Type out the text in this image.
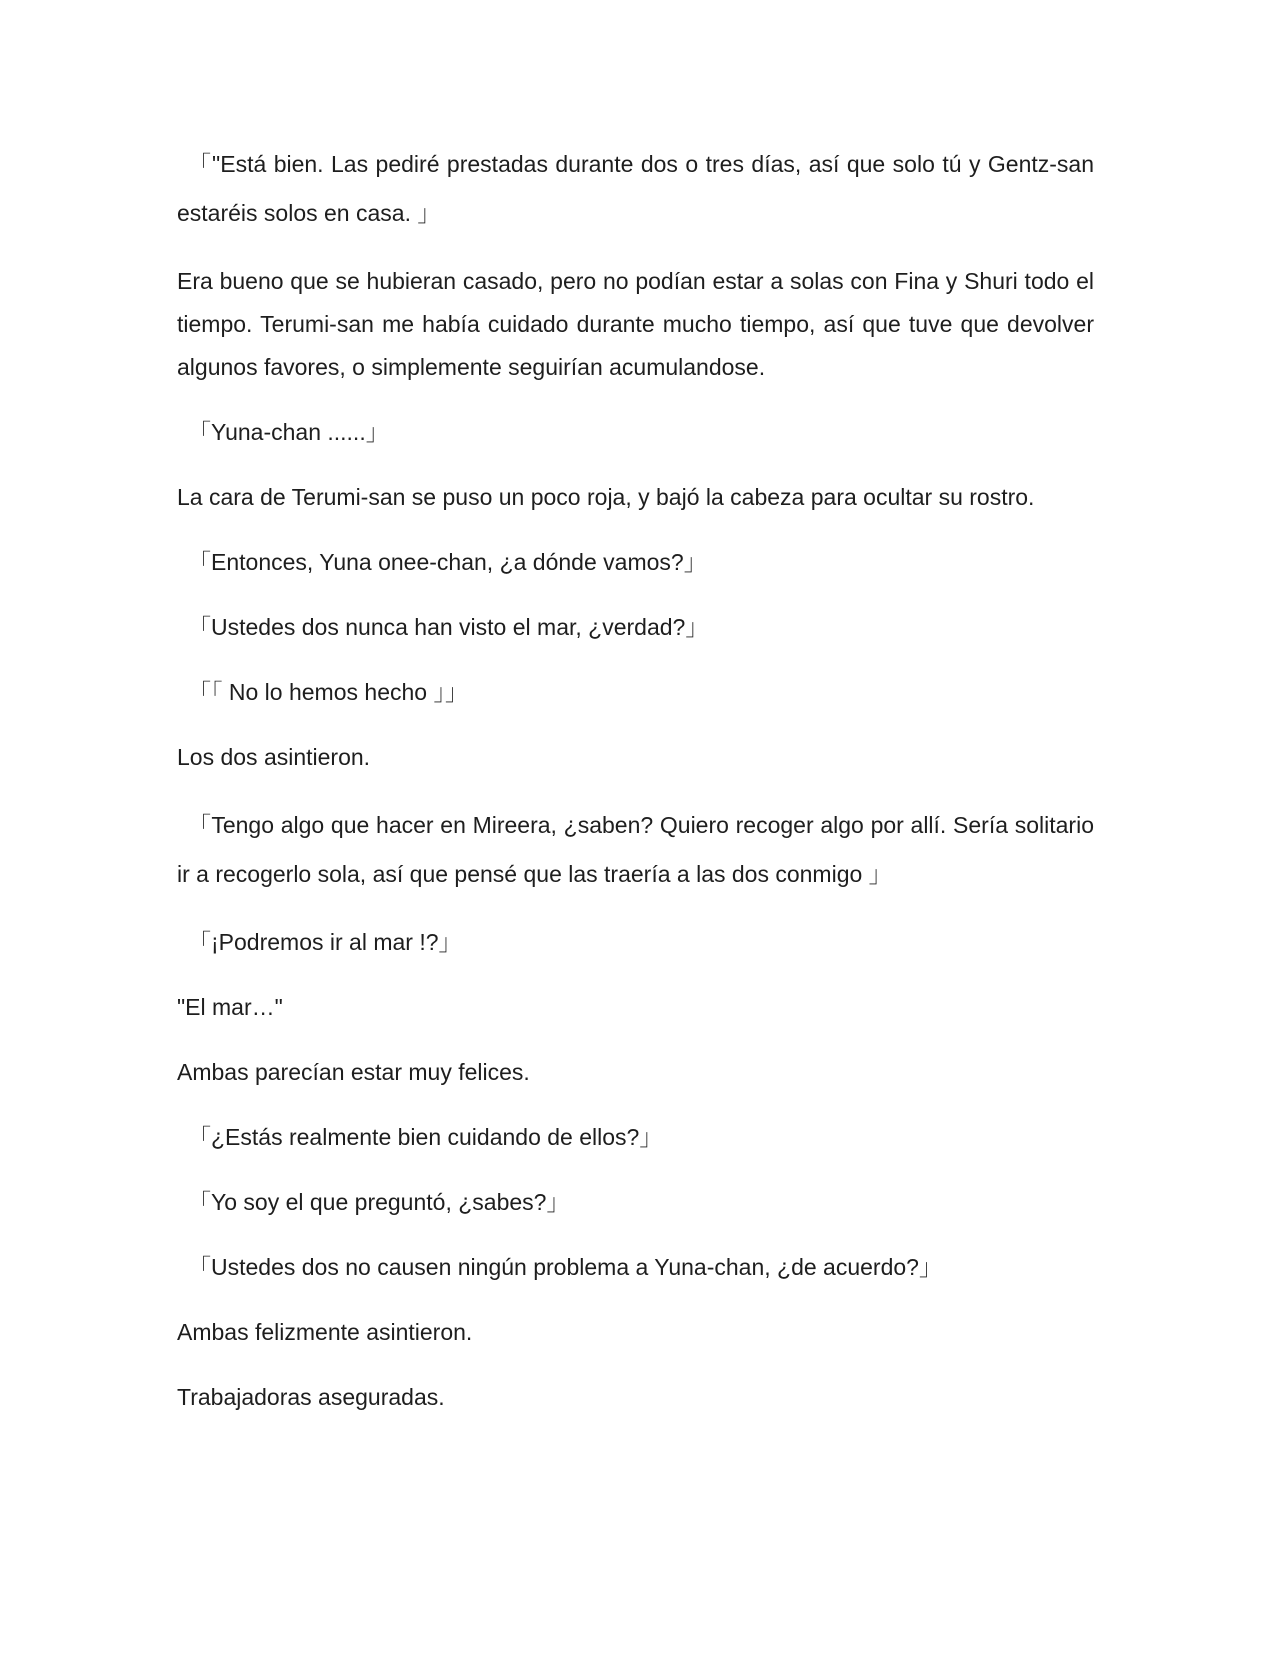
「"Está bien. Las pediré prestadas durante dos o tres días, así que solo tú y Gentz-san estaréis solos en casa. 」

Era bueno que se hubieran casado, pero no podían estar a solas con Fina y Shuri todo el tiempo. Terumi-san me había cuidado durante mucho tiempo, así que tuve que devolver algunos favores, o simplemente seguirían acumulandose.

「Yuna-chan ......」

La cara de Terumi-san se puso un poco roja, y bajó la cabeza para ocultar su rostro.

「Entonces, Yuna onee-chan, ¿a dónde vamos?」

「Ustedes dos nunca han visto el mar, ¿verdad?」

「「 No lo hemos hecho 」」

Los dos asintieron.

「Tengo algo que hacer en Mireera, ¿saben? Quiero recoger algo por allí. Sería solitario ir a recogerlo sola, así que pensé que las traería a las dos conmigo 」

「¡Podremos ir al mar !?」

"El mar…"

Ambas parecían estar muy felices.

「¿Estás realmente bien cuidando de ellos?」

「Yo soy el que preguntó, ¿sabes?」

「Ustedes dos no causen ningún problema a Yuna-chan, ¿de acuerdo?」

Ambas felizmente asintieron.

Trabajadoras aseguradas.
